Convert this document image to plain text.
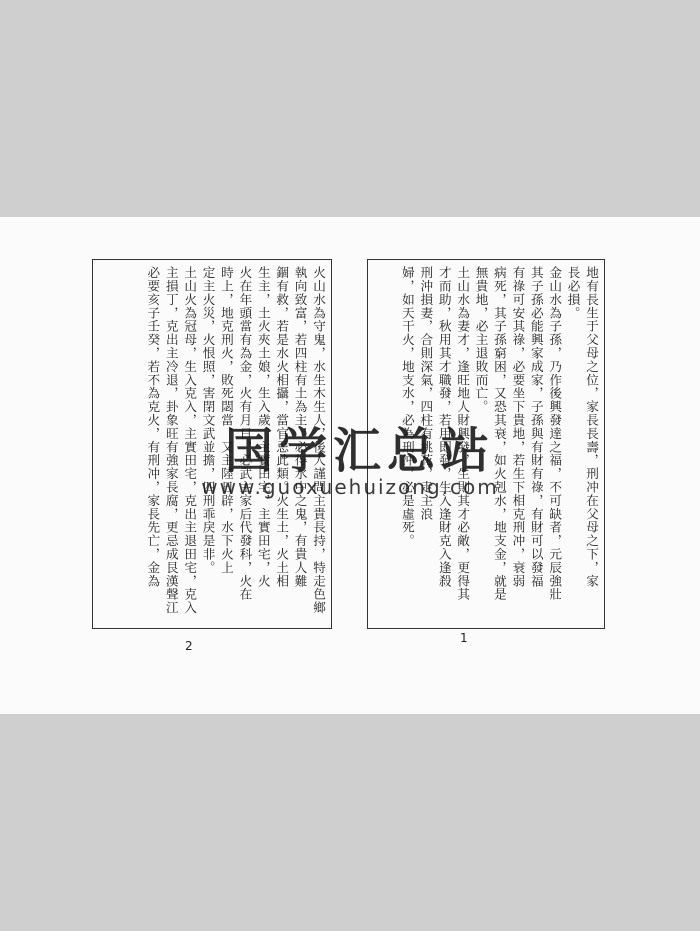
火山水為守鬼，水生木生人，後人謹問主貴長持，特走色鄉
執向致富，若四柱有土為主，必得水中之鬼，有貴人難
錮有救，若是水火相攝，當官忌此類。火生土，火土相
生主，土火夾土娘，生入歲，主實田宅，主實田宅，火
火在年頭當有為金，火有月日，必武主家后代發科，火在
時上，地克刑火，敗死閟當，又主陸日辟，水下火上
定主火災，火恨照，害閉文武並擔，四刑乖戾是非。
土山火為冠母，生入克入，主實田宅，克出主退田宅，克入
主損丁，克出主冷退，卦象旺有強家長腐，更忌成艮漢聲江
必要亥子壬癸，若不為克火，有刑冲，家長先亡，金為
2
地有長生于父母之位，家長長壽，刑冲在父母之下，家
長必損。
金山水為子孫，乃作後興發達之福，不可缺者，元辰強壯
其子孫必能興家成家，子孫與有財有祿，有財可以發福
有祿可安其祿，必要坐下貴地，若生下相克刑冲，衰弱
病死，其子孫窮困，又恐其衰，如火剋水，地支金，就是
無貴地，必主退敗而亡。
土山水為妻才，逢旺地人財興發，生則其才必敵，更得其
才而助，秋用其才職發，若用即發，生入逢財克入逢殺
刑沖損妻，合則深氣，四柱有桃花，走主浪
婦，如天干火，地支水，必為刑沖，必是虛死。
1
国学汇总站
www.guoxuehuizong.com
